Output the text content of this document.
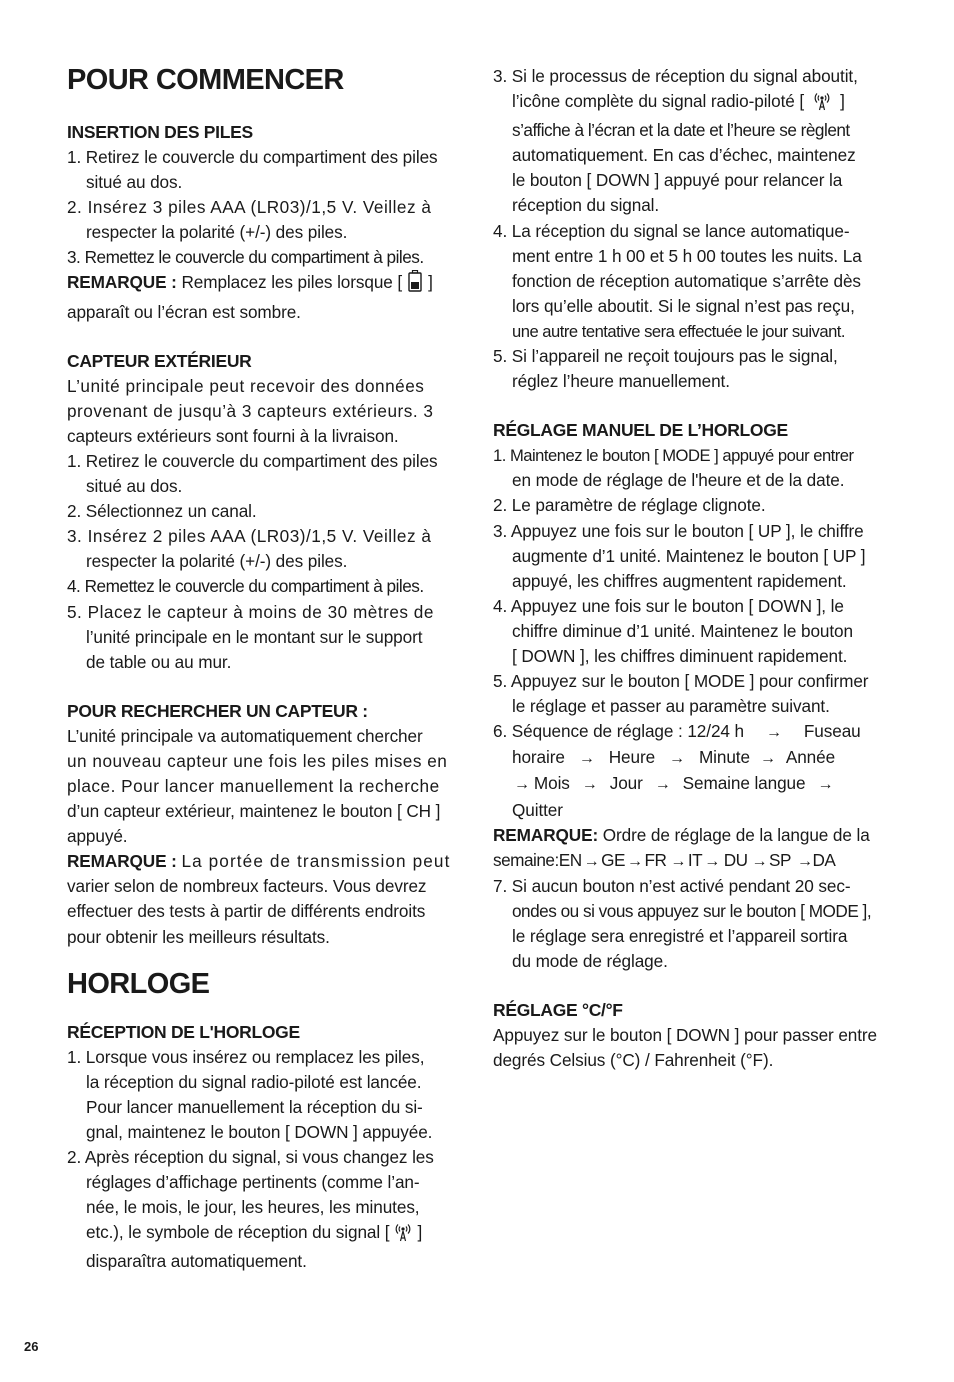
POUR COMMENCER
INSERTION DES PILES
1. Retirez le couvercle du compartiment des piles
situé au dos.
2. Insérez 3 piles AAA (LR03)/1,5 V. Veillez à
respecter la polarité (+/-) des piles.
3. Remettez le couvercle du compartiment à piles.
REMARQUE : Remplacez les piles lorsque [ ]
apparaît ou l’écran est sombre.
CAPTEUR EXTÉRIEUR
L’unité principale peut recevoir des données
provenant de jusqu’à 3 capteurs extérieurs. 3
capteurs extérieurs sont fourni à la livraison.
1. Retirez le couvercle du compartiment des piles
situé au dos.
2. Sélectionnez un canal.
3. Insérez 2 piles AAA (LR03)/1,5 V. Veillez à
respecter la polarité (+/-) des piles.
4. Remettez le couvercle du compartiment à piles.
5. Placez le capteur à moins de 30 mètres de
l’unité principale en le montant sur le support
de table ou au mur.
POUR RECHERCHER UN CAPTEUR :
L’unité principale va automatiquement chercher
un nouveau capteur une fois les piles mises en
place. Pour lancer manuellement la recherche
d’un capteur extérieur, maintenez le bouton [ CH ]
appuyé.
REMARQUE : La portée de transmission peut
varier selon de nombreux facteurs. Vous devrez
effectuer des tests à partir de différents endroits
pour obtenir les meilleurs résultats.
HORLOGE
RÉCEPTION DE L'HORLOGE
1. Lorsque vous insérez ou remplacez les piles,
la réception du signal radio-piloté est lancée.
Pour lancer manuellement la réception du si-
gnal, maintenez le bouton [ DOWN ] appuyée.
2. Après réception du signal, si vous changez les
réglages d’affichage pertinents (comme l’an-
née, le mois, le jour, les heures, les minutes,
etc.), le symbole de réception du signal [ ]
disparaîtra automatiquement.
3. Si le processus de réception du signal aboutit,
l’icône complète du signal radio-piloté [ ]
s’affiche à l’écran et la date et l’heure se règlent
automatiquement. En cas d’échec, maintenez
le bouton [ DOWN ] appuyé pour relancer la
réception du signal.
4. La réception du signal se lance automatique-
ment entre 1 h 00 et 5 h 00 toutes les nuits. La
fonction de réception automatique s’arrête dès
lors qu’elle aboutit. Si le signal n’est pas reçu,
une autre tentative sera effectuée le jour suivant.
5. Si l’appareil ne reçoit toujours pas le signal,
réglez l’heure manuellement.
RÉGLAGE MANUEL DE L’HORLOGE
1. Maintenez le bouton [ MODE ] appuyé pour entrer
en mode de réglage de l'heure et de la date.
2. Le paramètre de réglage clignote.
3. Appuyez une fois sur le bouton [ UP ], le chiffre
augmente d’1 unité. Maintenez le bouton [ UP ]
appuyé, les chiffres augmentent rapidement.
4. Appuyez une fois sur le bouton [ DOWN ], le
chiffre diminue d’1 unité. Maintenez le bouton
[ DOWN ], les chiffres diminuent rapidement.
5. Appuyez sur le bouton [ MODE ] pour confirmer
le réglage et passer au paramètre suivant.
6. Séquence de réglage : 12/24 h → Fuseau
horaire → Heure → Minute → Année
→ Mois → Jour → Semaine langue →
Quitter
REMARQUE: Ordre de réglage de la langue de la
semaine:EN → GE → FR → IT → DU → SP →DA
7. Si aucun bouton n’est activé pendant 20 sec-
ondes ou si vous appuyez sur le bouton [ MODE ],
le réglage sera enregistré et l’appareil sortira
du mode de réglage.
RÉGLAGE °C/°F
Appuyez sur le bouton [ DOWN ] pour passer entre
degrés Celsius (°C) / Fahrenheit (°F).
26
